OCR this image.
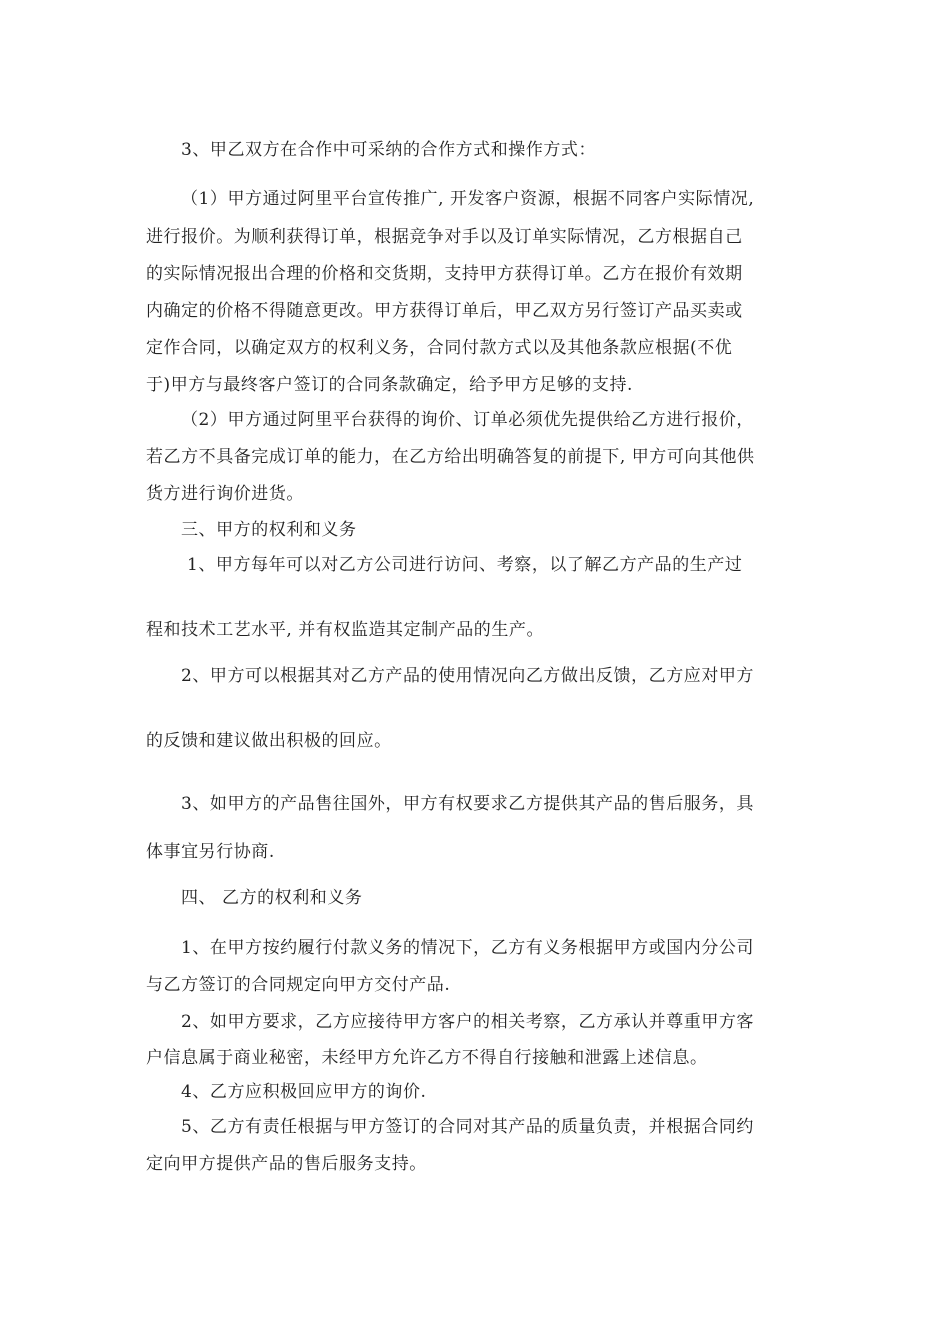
3、甲乙双方在合作中可采纳的合作方式和操作方式：
（1）甲方通过阿里平台宣传推广, 开发客户资源，根据不同客户实际情况,
进行报价。为顺利获得订单，根据竞争对手以及订单实际情况，乙方根据自己
的实际情况报出合理的价格和交货期，支持甲方获得订单。乙方在报价有效期
内确定的价格不得随意更改。甲方获得订单后，甲乙双方另行签订产品买卖或
定作合同，以确定双方的权利义务，合同付款方式以及其他条款应根据(不优
于)甲方与最终客户签订的合同条款确定，给予甲方足够的支持.
（2）甲方通过阿里平台获得的询价、订单必须优先提供给乙方进行报价，
若乙方不具备完成订单的能力，在乙方给出明确答复的前提下, 甲方可向其他供
货方进行询价进货。
三、甲方的权利和义务
1、甲方每年可以对乙方公司进行访问、考察，以了解乙方产品的生产过
程和技术工艺水平, 并有权监造其定制产品的生产。
2、甲方可以根据其对乙方产品的使用情况向乙方做出反馈，乙方应对甲方
的反馈和建议做出积极的回应。
3、如甲方的产品售往国外，甲方有权要求乙方提供其产品的售后服务，具
体事宜另行协商.
四、 乙方的权利和义务
1、在甲方按约履行付款义务的情况下，乙方有义务根据甲方或国内分公司
与乙方签订的合同规定向甲方交付产品.
2、如甲方要求，乙方应接待甲方客户的相关考察，乙方承认并尊重甲方客
户信息属于商业秘密，未经甲方允许乙方不得自行接触和泄露上述信息。
4、乙方应积极回应甲方的询价.
5、乙方有责任根据与甲方签订的合同对其产品的质量负责，并根据合同约
定向甲方提供产品的售后服务支持。
